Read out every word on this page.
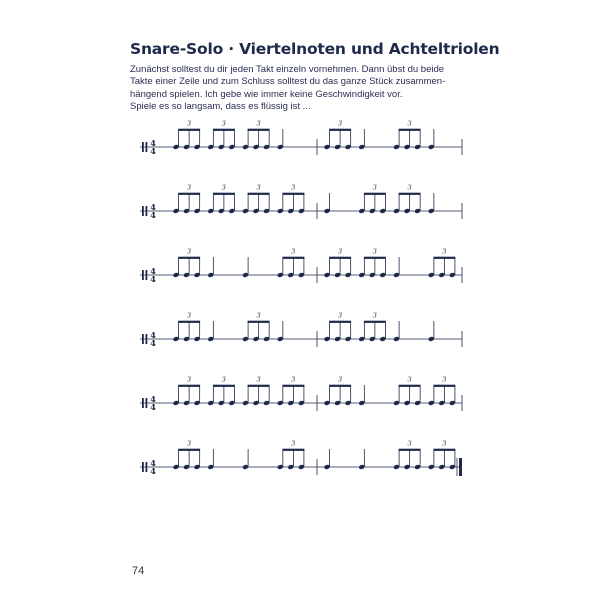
Snare-Solo · Viertelnoten und Achteltriolen
Zunächst solltest du dir jeden Takt einzeln vornehmen. Dann übst du beide
Takte einer Zeile und zum Schluss solltest du das ganze Stück zusammen-
hängend spielen. Ich gebe wie immer keine Geschwindigkeit vor.
Spiele es so langsam, dass es flüssig ist ...
4
4
3	3	3	3	3
4
4
3	3	3	3	3	3
4
4
3	3	3	3	3
4
4
3	3	3	3
4
4
3	3	3	3	3	3	3
4
4
3	3	3	3
74
